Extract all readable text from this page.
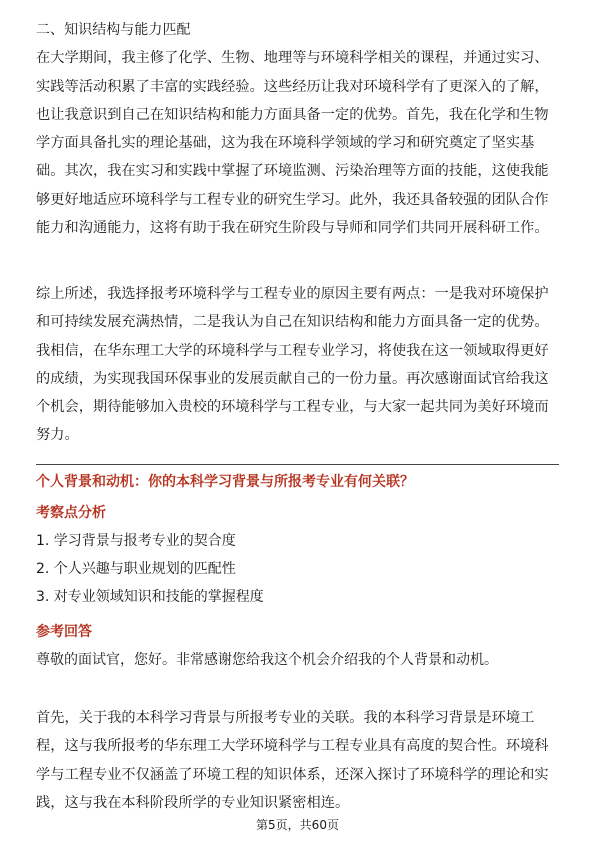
二、知识结构与能力匹配
在大学期间，我主修了化学、生物、地理等与环境科学相关的课程，并通过实习、
实践等活动积累了丰富的实践经验。这些经历让我对环境科学有了更深入的了解，
也让我意识到自己在知识结构和能力方面具备一定的优势。首先，我在化学和生物
学方面具备扎实的理论基础，这为我在环境科学领域的学习和研究奠定了坚实基
础。其次，我在实习和实践中掌握了环境监测、污染治理等方面的技能，这使我能
够更好地适应环境科学与工程专业的研究生学习。此外，我还具备较强的团队合作
能力和沟通能力，这将有助于我在研究生阶段与导师和同学们共同开展科研工作。
综上所述，我选择报考环境科学与工程专业的原因主要有两点：一是我对环境保护
和可持续发展充满热情，二是我认为自己在知识结构和能力方面具备一定的优势。
我相信，在华东理工大学的环境科学与工程专业学习，将使我在这一领域取得更好
的成绩，为实现我国环保事业的发展贡献自己的一份力量。再次感谢面试官给我这
个机会，期待能够加入贵校的环境科学与工程专业，与大家一起共同为美好环境而
努力。
个人背景和动机：你的本科学习背景与所报考专业有何关联？
考察点分析
1. 学习背景与报考专业的契合度
2. 个人兴趣与职业规划的匹配性
3. 对专业领域知识和技能的掌握程度
参考回答
尊敬的面试官，您好。非常感谢您给我这个机会介绍我的个人背景和动机。
首先，关于我的本科学习背景与所报考专业的关联。我的本科学习背景是环境工
程，这与我所报考的华东理工大学环境科学与工程专业具有高度的契合性。环境科
学与工程专业不仅涵盖了环境工程的知识体系，还深入探讨了环境科学的理论和实
践，这与我在本科阶段所学的专业知识紧密相连。
第5页，共60页
